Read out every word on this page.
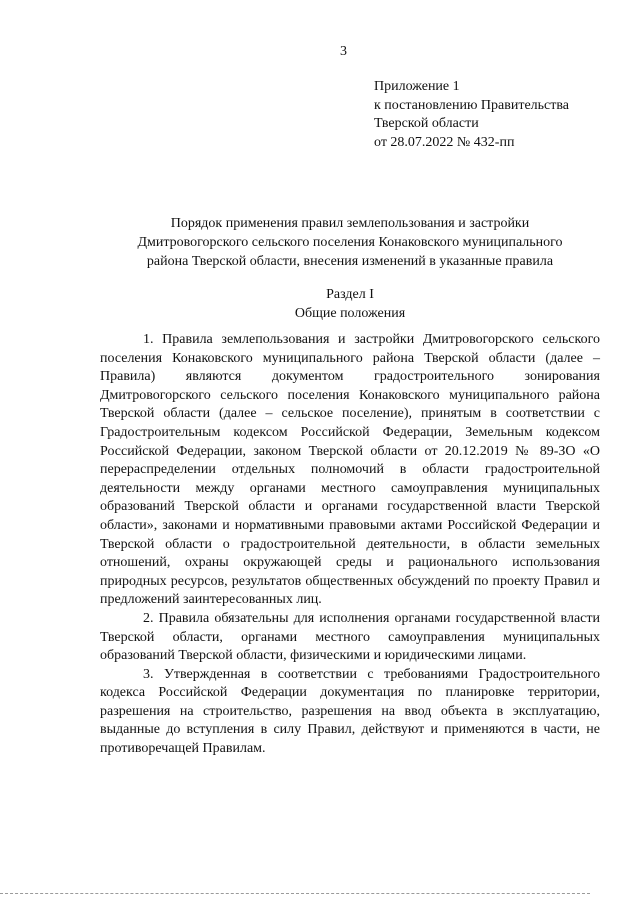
3
Приложение 1
к постановлению Правительства
Тверской области
от 28.07.2022 № 432-пп
Порядок применения правил землепользования и застройки
Дмитровогорского сельского поселения Конаковского муниципального
района Тверской области, внесения изменений в указанные правила
Раздел I
Общие положения

1. Правила землепользования и застройки Дмитровогорского сельского поселения Конаковского муниципального района Тверской области (далее – Правила) являются документом градостроительного зонирования Дмитровогорского сельского поселения Конаковского муниципального района Тверской области (далее – сельское поселение), принятым в соответствии с Градостроительным кодексом Российской Федерации, Земельным кодексом Российской Федерации, законом Тверской области от 20.12.2019 № 89-ЗО «О перераспределении отдельных полномочий в области градостроительной деятельности между органами местного самоуправления муниципальных образований Тверской области и органами государственной власти Тверской области», законами и нормативными правовыми актами Российской Федерации и Тверской области о градостроительной деятельности, в области земельных отношений, охраны окружающей среды и рационального использования природных ресурсов, результатов общественных обсуждений по проекту Правил и предложений заинтересованных лиц.

2. Правила обязательны для исполнения органами государственной власти Тверской области, органами местного самоуправления муниципальных образований Тверской области, физическими и юридическими лицами.

3. Утвержденная в соответствии с требованиями Градостроительного кодекса Российской Федерации документация по планировке территории, разрешения на строительство, разрешения на ввод объекта в эксплуатацию, выданные до вступления в силу Правил, действуют и применяются в части, не противоречащей Правилам.
